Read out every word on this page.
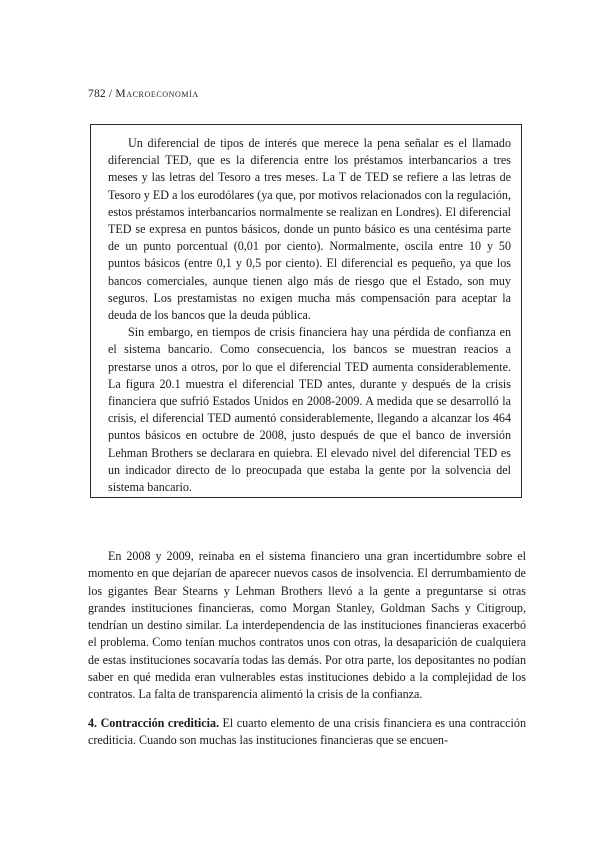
782 / Macroeconomía

Un diferencial de tipos de interés que merece la pena señalar es el llamado diferencial TED, que es la diferencia entre los préstamos interbancarios a tres meses y las letras del Tesoro a tres meses. La T de TED se refiere a las letras de Tesoro y ED a los eurodólares (ya que, por motivos relacionados con la regulación, estos préstamos interbancarios normalmente se realizan en Londres). El diferencial TED se expresa en puntos básicos, donde un punto básico es una centésima parte de un punto porcentual (0,01 por ciento). Normalmente, oscila entre 10 y 50 puntos básicos (entre 0,1 y 0,5 por ciento). El diferencial es pequeño, ya que los bancos comerciales, aunque tienen algo más de riesgo que el Estado, son muy seguros. Los prestamistas no exigen mucha más compensación para aceptar la deuda de los bancos que la deuda pública.

Sin embargo, en tiempos de crisis financiera hay una pérdida de confianza en el sistema bancario. Como consecuencia, los bancos se muestran reacios a prestarse unos a otros, por lo que el diferencial TED aumenta considerablemente. La figura 20.1 muestra el diferencial TED antes, durante y después de la crisis financiera que sufrió Estados Unidos en 2008-2009. A medida que se desarrolló la crisis, el diferencial TED aumentó considerablemente, llegando a alcanzar los 464 puntos básicos en octubre de 2008, justo después de que el banco de inversión Lehman Brothers se declarara en quiebra. El elevado nivel del diferencial TED es un indicador directo de lo preocupada que estaba la gente por la solvencia del sistema bancario.

En 2008 y 2009, reinaba en el sistema financiero una gran incertidumbre sobre el momento en que dejarían de aparecer nuevos casos de insolvencia. El derrumbamiento de los gigantes Bear Stearns y Lehman Brothers llevó a la gente a preguntarse si otras grandes instituciones financieras, como Morgan Stanley, Goldman Sachs y Citigroup, tendrían un destino similar. La interdependencia de las instituciones financieras exacerbó el problema. Como tenían muchos contratos unos con otras, la desaparición de cualquiera de estas instituciones socavaría todas las demás. Por otra parte, los depositantes no podían saber en qué medida eran vulnerables estas instituciones debido a la complejidad de los contratos. La falta de transparencia alimentó la crisis de la confianza.

4. Contracción crediticia. El cuarto elemento de una crisis financiera es una contracción crediticia. Cuando son muchas las instituciones financieras que se encuen-
